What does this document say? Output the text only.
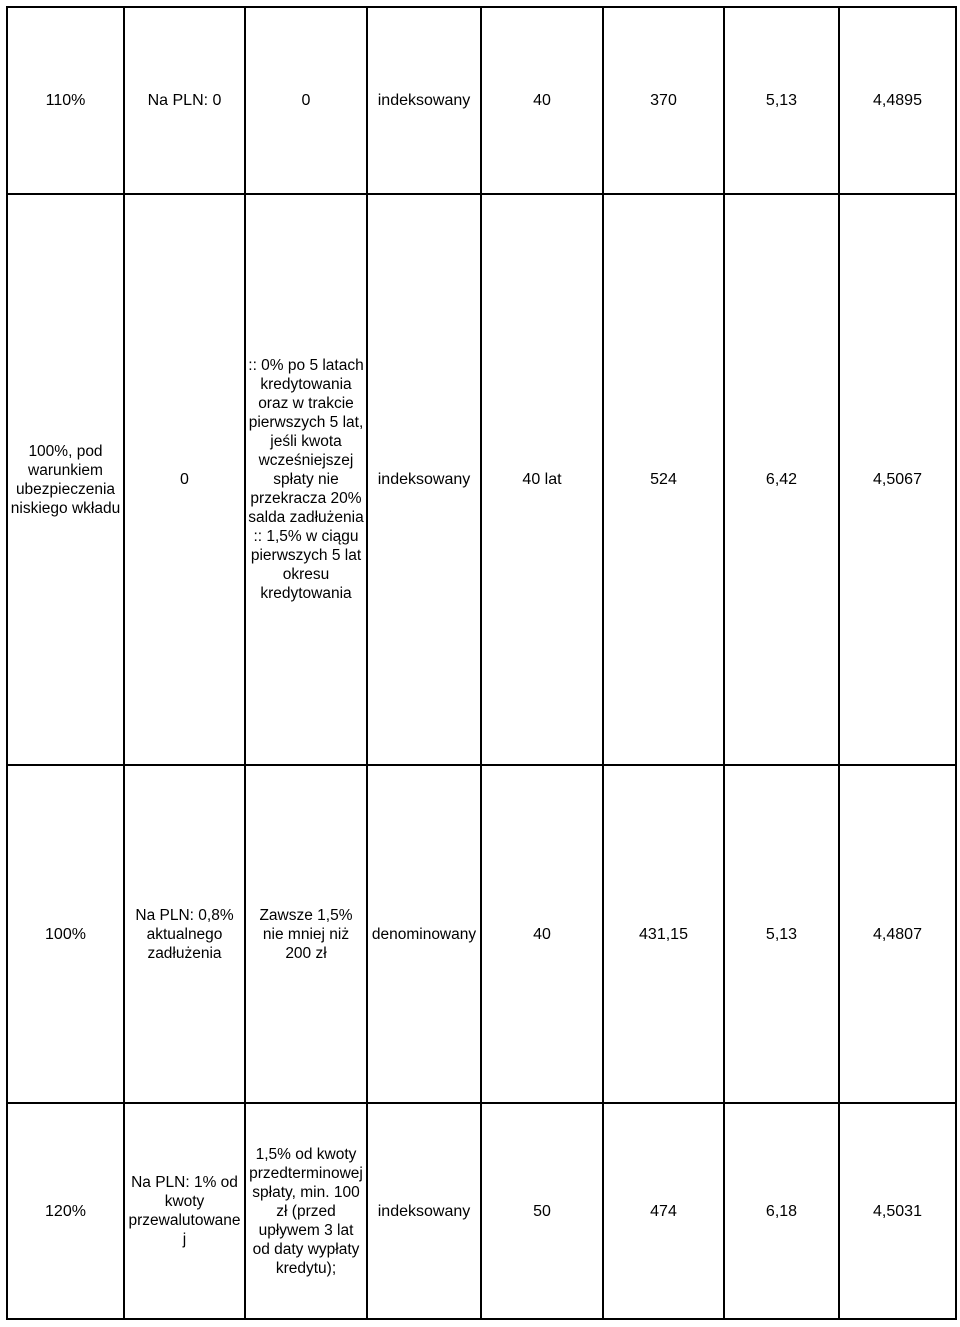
110%	Na PLN: 0	0	indeksowany	40	370	5,13	4,4895
100%, pod warunkiem ubezpieczenia niskiego wkładu	0	:: 0% po 5 latach kredytowania oraz w trakcie pierwszych 5 lat, jeśli kwota wcześniejszej spłaty nie przekracza 20% salda zadłużenia :: 1,5% w ciągu pierwszych 5 lat okresu kredytowania	indeksowany	40 lat	524	6,42	4,5067
100%	Na PLN: 0,8% aktualnego zadłużenia	Zawsze 1,5% nie mniej niż 200 zł	denominowany	40	431,15	5,13	4,4807
120%	Na PLN: 1% od kwoty przewalutowanej	1,5% od kwoty przedterminowej spłaty, min. 100 zł (przed upływem 3 lat od daty wypłaty kredytu);	indeksowany	50	474	6,18	4,5031
